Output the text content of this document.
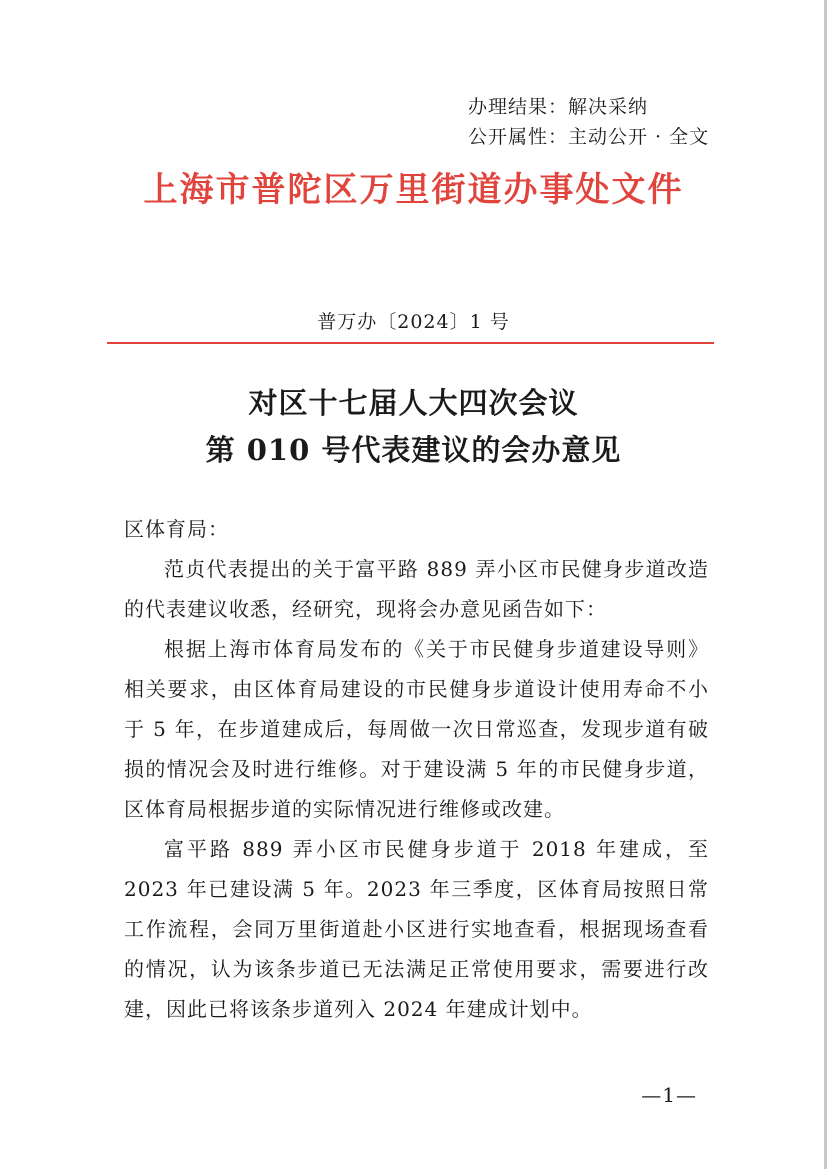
办理结果：解决采纳
公开属性：主动公开 · 全文
上海市普陀区万里街道办事处文件
普万办〔2024〕1 号
对区十七届人大四次会议
第 010 号代表建议的会办意见

区体育局：

范贞代表提出的关于富平路 889 弄小区市民健身步道改造的代表建议收悉，经研究，现将会办意见函告如下：

根据上海市体育局发布的《关于市民健身步道建设导则》相关要求，由区体育局建设的市民健身步道设计使用寿命不小于 5 年，在步道建成后，每周做一次日常巡查，发现步道有破损的情况会及时进行维修。对于建设满 5 年的市民健身步道，区体育局根据步道的实际情况进行维修或改建。

富平路 889 弄小区市民健身步道于 2018 年建成，至 2023 年已建设满 5 年。2023 年三季度，区体育局按照日常工作流程，会同万里街道赴小区进行实地查看，根据现场查看的情况，认为该条步道已无法满足正常使用要求，需要进行改建，因此已将该条步道列入 2024 年建成计划中。

—1—
